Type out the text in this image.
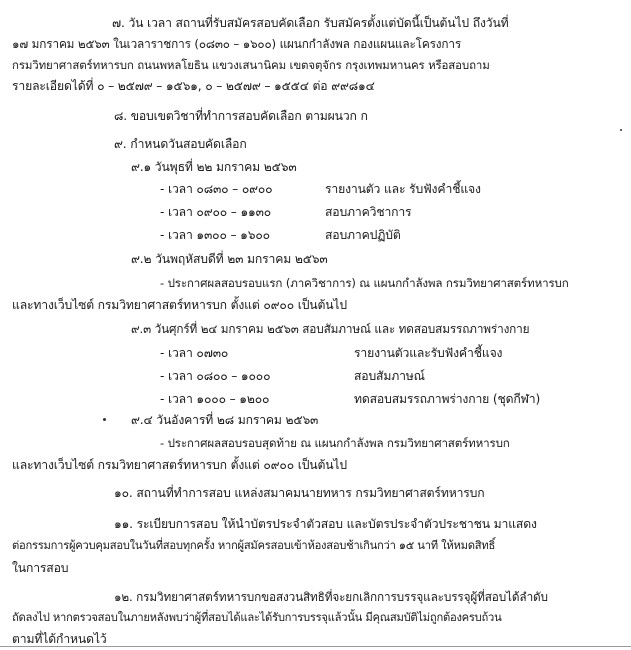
๗. วัน เวลา สถานที่รับสมัครสอบคัดเลือก รับสมัครตั้งแต่บัดนี้เป็นต้นไป ถึงวันที่
๑๗ มกราคม ๒๕๖๓ ในเวลาราชการ (๐๘๓๐ – ๑๖๐๐) แผนกกำลังพล กองแผนและโครงการ
กรมวิทยาศาสตร์ทหารบก ถนนพหลโยธิน แขวงเสนานิคม เขตจตุจักร กรุงเทพมหานคร หรือสอบถาม
รายละเอียดได้ที่ ๐ – ๒๕๗๙ – ๑๕๖๑, ๐ – ๒๕๗๙ – ๑๕๕๔ ต่อ ๙๙๘๑๔
๘. ขอบเขตวิชาที่ทำการสอบคัดเลือก ตามผนวก ก
๙. กำหนดวันสอบคัดเลือก
๙.๑ วันพุธที่ ๒๒ มกราคม ๒๕๖๓
- เวลา ๐๘๓๐ – ๐๙๐๐	รายงานตัว และ รับฟังคำชี้แจง
- เวลา ๐๙๐๐ – ๑๑๓๐	สอบภาควิชาการ
- เวลา ๑๓๐๐ – ๑๖๐๐	สอบภาคปฏิบัติ
๙.๒ วันพฤหัสบดีที่ ๒๓ มกราคม ๒๕๖๓
- ประกาศผลสอบรอบแรก (ภาควิชาการ) ณ แผนกกำลังพล กรมวิทยาศาสตร์ทหารบก
และทางเว็บไซต์ กรมวิทยาศาสตร์ทหารบก ตั้งแต่ ๐๙๐๐ เป็นต้นไป
๙.๓ วันศุกร์ที่ ๒๔ มกราคม ๒๕๖๓ สอบสัมภาษณ์ และ ทดสอบสมรรถภาพร่างกาย
- เวลา ๐๗๓๐	รายงานตัวและรับฟังคำชี้แจง
- เวลา ๐๘๐๐ – ๑๐๐๐	สอบสัมภาษณ์
- เวลา ๑๐๐๐ – ๑๒๐๐	ทดสอบสมรรถภาพร่างกาย (ชุดกีฬา)
๙.๔ วันอังคารที่ ๒๘ มกราคม ๒๕๖๓
- ประกาศผลสอบรอบสุดท้าย ณ แผนกกำลังพล กรมวิทยาศาสตร์ทหารบก
และทางเว็บไซต์ กรมวิทยาศาสตร์ทหารบก ตั้งแต่ ๐๙๐๐ เป็นต้นไป
๑๐. สถานที่ทำการสอบ แหล่งสมาคมนายทหาร กรมวิทยาศาสตร์ทหารบก
๑๑. ระเบียบการสอบ ให้นำบัตรประจำตัวสอบ และบัตรประจำตัวประชาชน มาแสดง
ต่อกรรมการผู้ควบคุมสอบในวันที่สอบทุกครั้ง หากผู้สมัครสอบเข้าห้องสอบช้าเกินกว่า ๑๕ นาที ให้หมดสิทธิ์
ในการสอบ
๑๒. กรมวิทยาศาสตร์ทหารบกขอสงวนสิทธิที่จะยกเลิกการบรรจุและบรรจุผู้ที่สอบได้ลำดับ
ถัดลงไป หากตรวจสอบในภายหลังพบว่าผู้ที่สอบได้และได้รับการบรรจุแล้วนั้น มีคุณสมบัติไม่ถูกต้องครบถ้วน
ตามที่ได้กำหนดไว้
